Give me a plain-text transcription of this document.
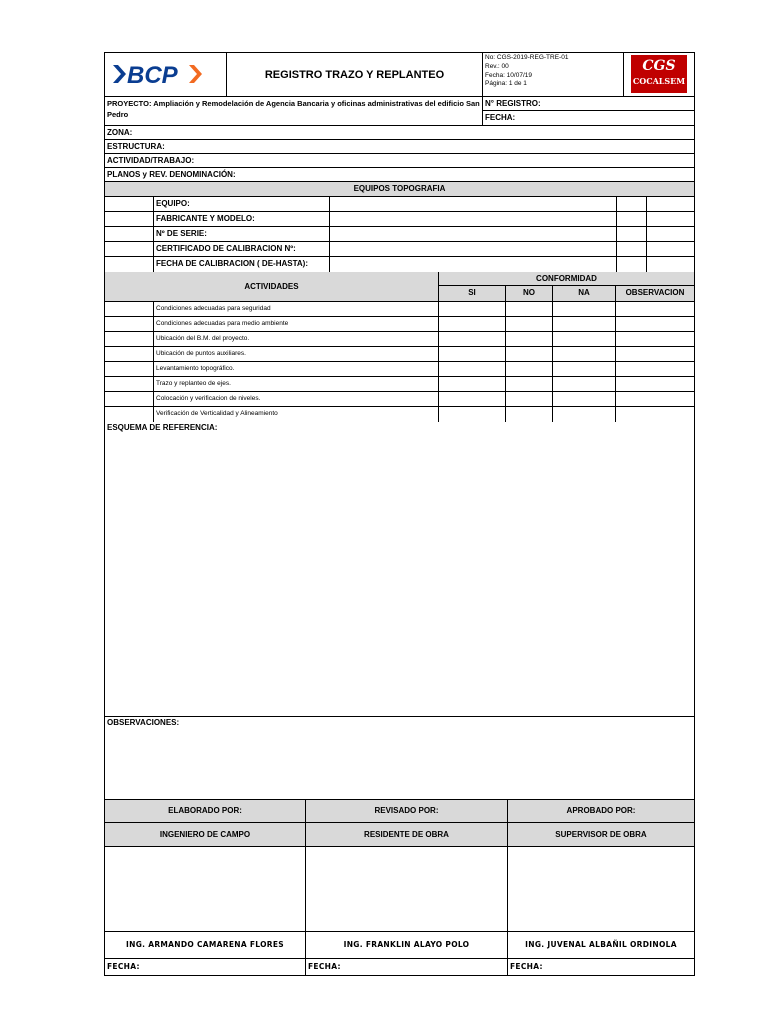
BCP	REGISTRO TRAZO Y REPLANTEO
No: CGS-2019-REG-TRE-01
Rev.: 00
Fecha: 10/07/19
Página: 1 de 1
CGS
COCALSEM
PROYECTO: Ampliación y Remodelación de Agencia Bancaria y oficinas administrativas del edificio San Pedro
N° REGISTRO:
FECHA:
ZONA:
ESTRUCTURA:
ACTIVIDAD/TRABAJO:
PLANOS y REV. DENOMINACIÓN:
EQUIPOS TOPOGRAFIA
EQUIPO:
FABRICANTE Y MODELO:
Nº DE SERIE:
CERTIFICADO DE CALIBRACION Nº:
FECHA DE CALIBRACION ( DE-HASTA):
ACTIVIDADES
CONFORMIDAD
SI	NO	NA	OBSERVACION
Condiciones adecuadas para seguridad
Condiciones adecuadas para medio ambiente
Ubicación del B.M. del proyecto.
Ubicación de puntos auxiliares.
Levantamiento topográfico.
Trazo y replanteo de ejes.
Colocación y verificacion de niveles.
Verificación de Verticalidad y Alineamiento
ESQUEMA DE REFERENCIA:
OBSERVACIONES:
ELABORADO POR:	REVISADO POR:	APROBADO POR:
INGENIERO DE CAMPO	RESIDENTE DE OBRA	SUPERVISOR DE OBRA
ING. ARMANDO CAMARENA FLORES	ING. FRANKLIN ALAYO POLO	ING. JUVENAL ALBAÑIL ORDINOLA
FECHA:	FECHA:	FECHA:
